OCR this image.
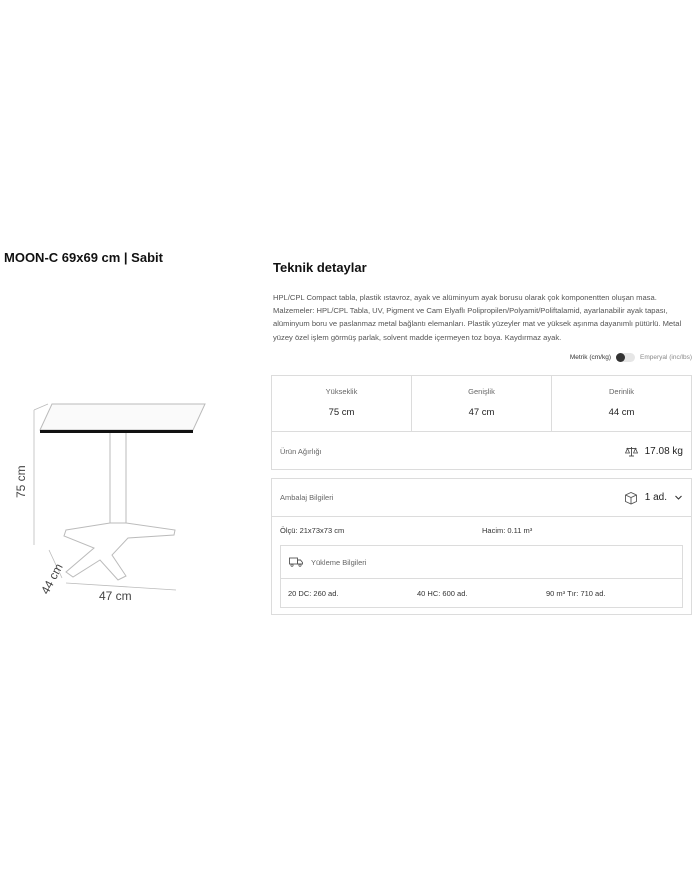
MOON-C 69x69 cm | Sabit
75 cm
44 cm	47 cm
Teknik detaylar
HPL/CPL Compact tabla, plastik ıstavroz, ayak ve alüminyum ayak borusu olarak çok komponentten oluşan masa. Malzemeler: HPL/CPL Tabla, UV, Pigment ve Cam Elyaflı Polipropilen/Polyamit/Poliftalamid, ayarlanabilir ayak tapası, alüminyum boru ve paslanmaz metal bağlantı elemanları. Plastik yüzeyler mat ve yüksek aşınma dayanımlı pütürlü. Metal yüzey özel işlem görmüş parlak, solvent madde içermeyen toz boya. Kaydırmaz ayak.
Metrik (cm/kg)	Emperyal (inc/lbs)
Yükseklik
75 cm
Genişlik
47 cm
Derinlik
44 cm
Ürün Ağırlığı	17.08 kg
Ambalaj Bilgileri	1 ad.
Ölçü: 21x73x73 cm	Hacim: 0.11 m³
Yükleme Bilgileri
20 DC: 260 ad.	40 HC: 600 ad.	90 m³ Tır: 710 ad.
